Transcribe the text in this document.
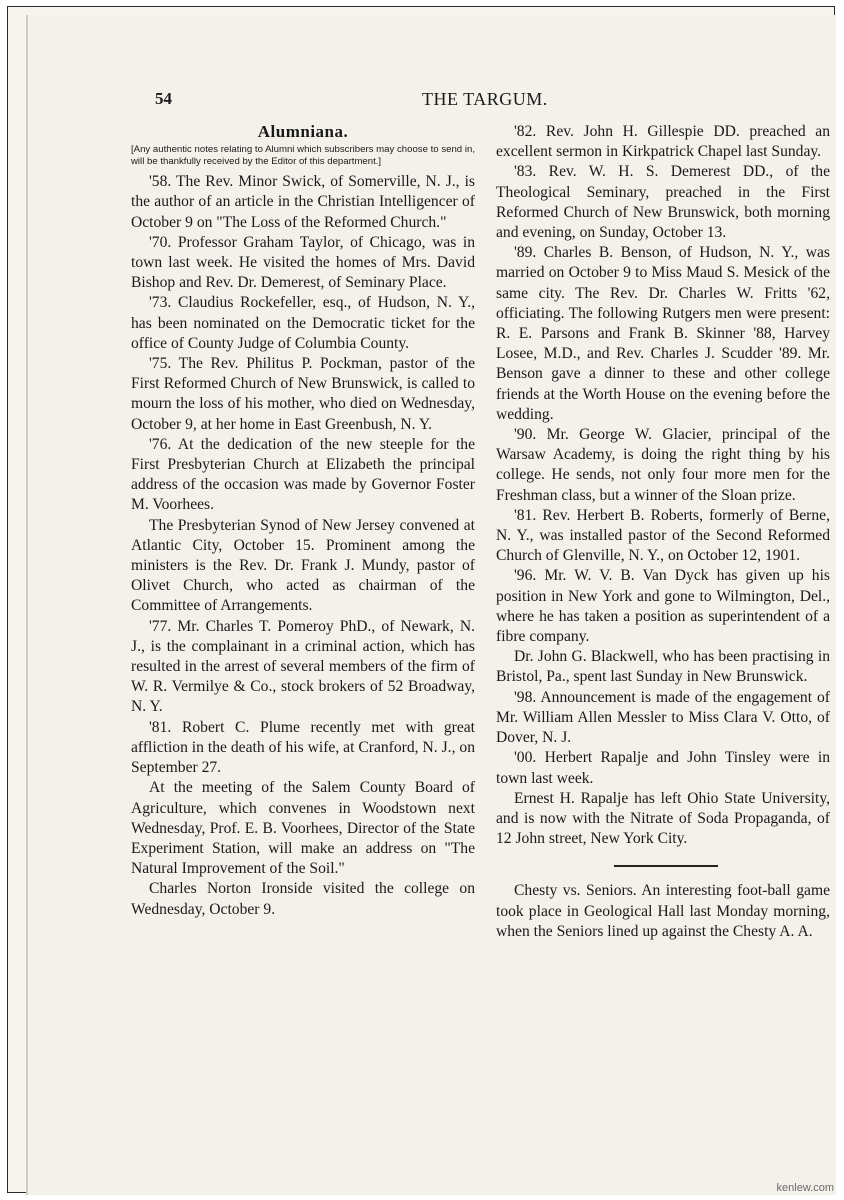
54	THE TARGUM.
Alumniana.
[Any authentic notes relating to Alumni which subscribers may choose to send in, will be thankfully received by the Editor of this department.]

'58. The Rev. Minor Swick, of Somerville, N. J., is the author of an article in the Christian Intelligencer of October 9 on "The Loss of the Reformed Church."

'70. Professor Graham Taylor, of Chicago, was in town last week. He visited the homes of Mrs. David Bishop and Rev. Dr. Demerest, of Seminary Place.

'73. Claudius Rockefeller, esq., of Hudson, N. Y., has been nominated on the Democratic ticket for the office of County Judge of Columbia County.

'75. The Rev. Philitus P. Pockman, pastor of the First Reformed Church of New Brunswick, is called to mourn the loss of his mother, who died on Wednesday, October 9, at her home in East Greenbush, N. Y.

'76. At the dedication of the new steeple for the First Presbyterian Church at Elizabeth the principal address of the occasion was made by Governor Foster M. Voorhees.

The Presbyterian Synod of New Jersey convened at Atlantic City, October 15. Prominent among the ministers is the Rev. Dr. Frank J. Mundy, pastor of Olivet Church, who acted as chairman of the Committee of Arrangements.

'77. Mr. Charles T. Pomeroy PhD., of Newark, N. J., is the complainant in a criminal action, which has resulted in the arrest of several members of the firm of W. R. Vermilye & Co., stock brokers of 52 Broadway, N. Y.

'81. Robert C. Plume recently met with great affliction in the death of his wife, at Cranford, N. J., on September 27.

At the meeting of the Salem County Board of Agriculture, which convenes in Woodstown next Wednesday, Prof. E. B. Voorhees, Director of the State Experiment Station, will make an address on "The Natural Improvement of the Soil."

Charles Norton Ironside visited the college on Wednesday, October 9.

'82. Rev. John H. Gillespie DD. preached an excellent sermon in Kirkpatrick Chapel last Sunday.

'83. Rev. W. H. S. Demerest DD., of the Theological Seminary, preached in the First Reformed Church of New Brunswick, both morning and evening, on Sunday, October 13.

'89. Charles B. Benson, of Hudson, N. Y., was married on October 9 to Miss Maud S. Mesick of the same city. The Rev. Dr. Charles W. Fritts '62, officiating. The following Rutgers men were present: R. E. Parsons and Frank B. Skinner '88, Harvey Losee, M.D., and Rev. Charles J. Scudder '89. Mr. Benson gave a dinner to these and other college friends at the Worth House on the evening before the wedding.

'90. Mr. George W. Glacier, principal of the Warsaw Academy, is doing the right thing by his college. He sends, not only four more men for the Freshman class, but a winner of the Sloan prize.

'81. Rev. Herbert B. Roberts, formerly of Berne, N. Y., was installed pastor of the Second Reformed Church of Glenville, N. Y., on October 12, 1901.

'96. Mr. W. V. B. Van Dyck has given up his position in New York and gone to Wilmington, Del., where he has taken a position as superintendent of a fibre company.

Dr. John G. Blackwell, who has been practising in Bristol, Pa., spent last Sunday in New Brunswick.

'98. Announcement is made of the engagement of Mr. William Allen Messler to Miss Clara V. Otto, of Dover, N. J.

'00. Herbert Rapalje and John Tinsley were in town last week.

Ernest H. Rapalje has left Ohio State University, and is now with the Nitrate of Soda Propaganda, of 12 John street, New York City.

Chesty vs. Seniors. An interesting foot-ball game took place in Geological Hall last Monday morning, when the Seniors lined up against the Chesty A. A.

kenlew.com
